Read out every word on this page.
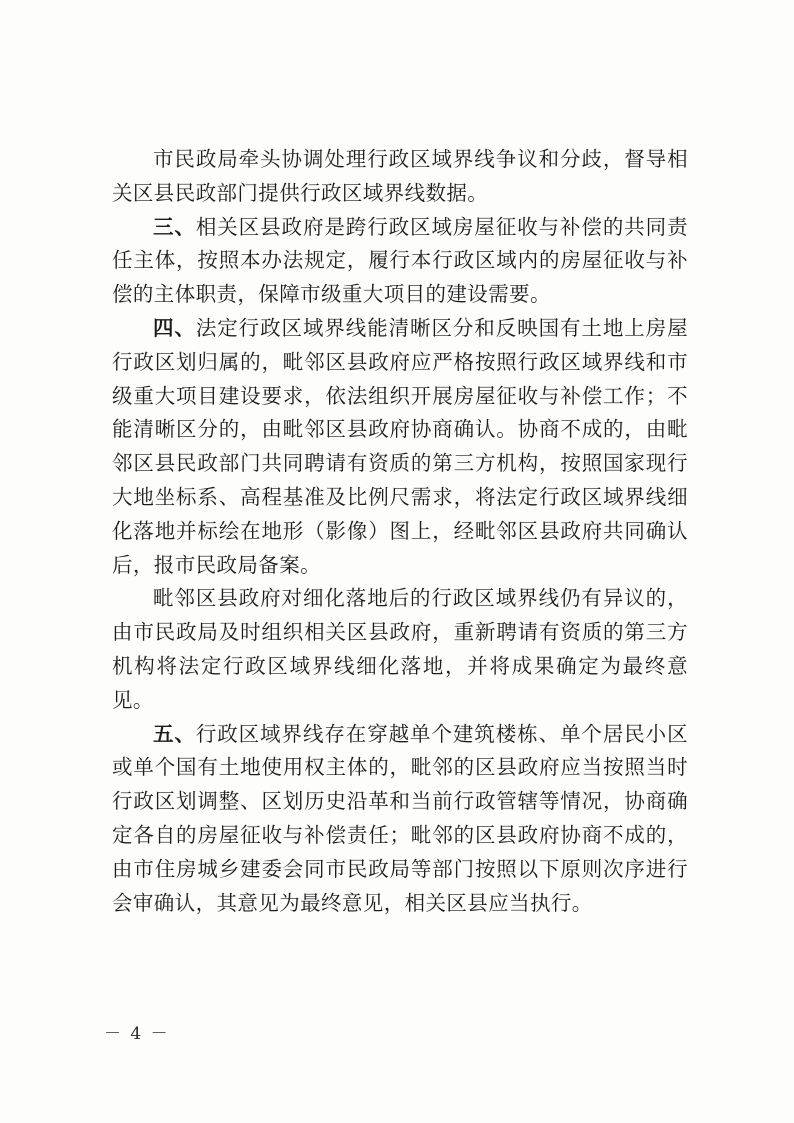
市民政局牵头协调处理行政区域界线争议和分歧，督导相关区县民政部门提供行政区域界线数据。

三、相关区县政府是跨行政区域房屋征收与补偿的共同责任主体，按照本办法规定，履行本行政区域内的房屋征收与补偿的主体职责，保障市级重大项目的建设需要。

四、法定行政区域界线能清晰区分和反映国有土地上房屋行政区划归属的，毗邻区县政府应严格按照行政区域界线和市级重大项目建设要求，依法组织开展房屋征收与补偿工作；不能清晰区分的，由毗邻区县政府协商确认。协商不成的，由毗邻区县民政部门共同聘请有资质的第三方机构，按照国家现行大地坐标系、高程基准及比例尺需求，将法定行政区域界线细化落地并标绘在地形（影像）图上，经毗邻区县政府共同确认后，报市民政局备案。

毗邻区县政府对细化落地后的行政区域界线仍有异议的，由市民政局及时组织相关区县政府，重新聘请有资质的第三方机构将法定行政区域界线细化落地，并将成果确定为最终意见。

五、行政区域界线存在穿越单个建筑楼栋、单个居民小区或单个国有土地使用权主体的，毗邻的区县政府应当按照当时行政区划调整、区划历史沿革和当前行政管辖等情况，协商确定各自的房屋征收与补偿责任；毗邻的区县政府协商不成的，由市住房城乡建委会同市民政局等部门按照以下原则次序进行会审确认，其意见为最终意见，相关区县应当执行。

－ 4 －
